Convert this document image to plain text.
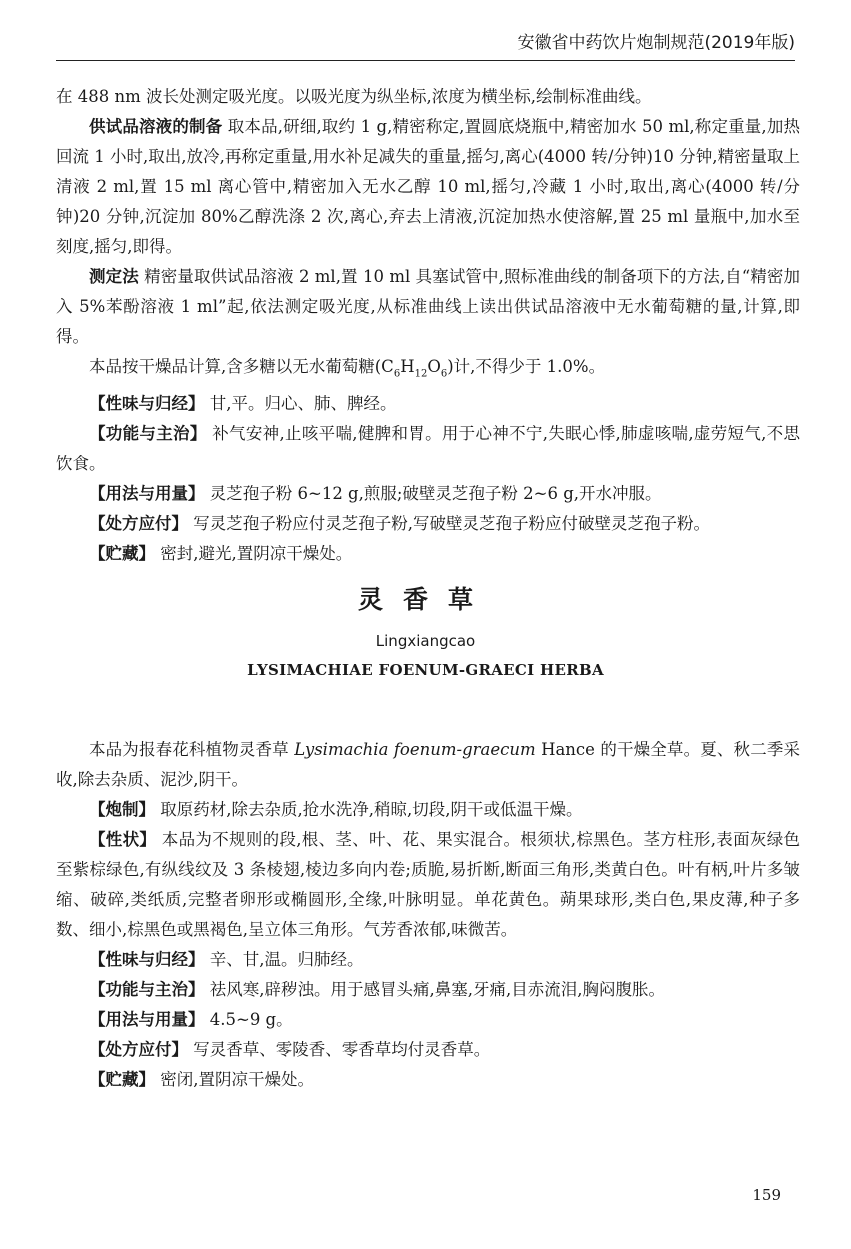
安徽省中药饮片炮制规范(2019年版)

在 488 nm 波长处测定吸光度。以吸光度为纵坐标,浓度为横坐标,绘制标准曲线。

供试品溶液的制备 取本品,研细,取约 1 g,精密称定,置圆底烧瓶中,精密加水 50 ml,称定重量,加热回流 1 小时,取出,放冷,再称定重量,用水补足减失的重量,摇匀,离心(4000 转/分钟)10 分钟,精密量取上清液 2 ml,置 15 ml 离心管中,精密加入无水乙醇 10 ml,摇匀,冷藏 1 小时,取出,离心(4000 转/分钟)20 分钟,沉淀加 80%乙醇洗涤 2 次,离心,弃去上清液,沉淀加热水使溶解,置 25 ml 量瓶中,加水至刻度,摇匀,即得。

测定法 精密量取供试品溶液 2 ml,置 10 ml 具塞试管中,照标准曲线的制备项下的方法,自“精密加入 5%苯酚溶液 1 ml”起,依法测定吸光度,从标准曲线上读出供试品溶液中无水葡萄糖的量,计算,即得。

本品按干燥品计算,含多糖以无水葡萄糖$(C_6H_{12}O_6)$计,不得少于 1.0%。

【性味与归经】 甘,平。归心、肺、脾经。

【功能与主治】 补气安神,止咳平喘,健脾和胃。用于心神不宁,失眠心悸,肺虚咳喘,虚劳短气,不思饮食。

【用法与用量】 灵芝孢子粉 6~12 g,煎服;破壁灵芝孢子粉 2~6 g,开水冲服。

【处方应付】 写灵芝孢子粉应付灵芝孢子粉,写破壁灵芝孢子粉应付破壁灵芝孢子粉。

【贮藏】 密封,避光,置阴凉干燥处。

灵香草
Lingxiangcao
LYSIMACHIAE FOENUM-GRAECI HERBA

本品为报春花科植物灵香草 Lysimachia foenum-graecum Hance 的干燥全草。夏、秋二季采收,除去杂质、泥沙,阴干。

【炮制】 取原药材,除去杂质,抢水洗净,稍晾,切段,阴干或低温干燥。

【性状】 本品为不规则的段,根、茎、叶、花、果实混合。根须状,棕黑色。茎方柱形,表面灰绿色至紫棕绿色,有纵线纹及 3 条棱翅,棱边多向内卷;质脆,易折断,断面三角形,类黄白色。叶有柄,叶片多皱缩、破碎,类纸质,完整者卵形或椭圆形,全缘,叶脉明显。单花黄色。蒴果球形,类白色,果皮薄,种子多数、细小,棕黑色或黑褐色,呈立体三角形。气芳香浓郁,味微苦。

【性味与归经】 辛、甘,温。归肺经。

【功能与主治】 祛风寒,辟秽浊。用于感冒头痛,鼻塞,牙痛,目赤流泪,胸闷腹胀。

【用法与用量】 4.5~9 g。

【处方应付】 写灵香草、零陵香、零香草均付灵香草。

【贮藏】 密闭,置阴凉干燥处。

159
